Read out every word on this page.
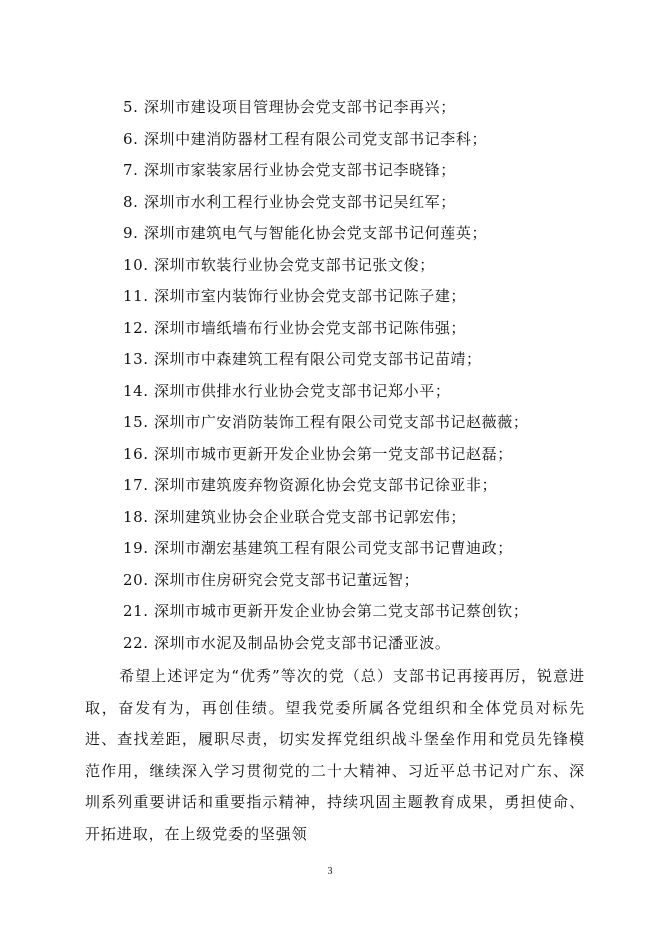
5. 深圳市建设项目管理协会党支部书记李再兴；
6. 深圳中建消防器材工程有限公司党支部书记李科；
7. 深圳市家装家居行业协会党支部书记李晓锋；
8. 深圳市水利工程行业协会党支部书记吴红军；
9. 深圳市建筑电气与智能化协会党支部书记何莲英；
10. 深圳市软装行业协会党支部书记张文俊；
11. 深圳市室内装饰行业协会党支部书记陈子建；
12. 深圳市墙纸墙布行业协会党支部书记陈伟强；
13. 深圳市中森建筑工程有限公司党支部书记苗靖；
14. 深圳市供排水行业协会党支部书记郑小平；
15. 深圳市广安消防装饰工程有限公司党支部书记赵薇薇；
16. 深圳市城市更新开发企业协会第一党支部书记赵磊；
17. 深圳市建筑废弃物资源化协会党支部书记徐亚非；
18. 深圳建筑业协会企业联合党支部书记郭宏伟；
19. 深圳市潮宏基建筑工程有限公司党支部书记曹迪政；
20. 深圳市住房研究会党支部书记董远智；
21. 深圳市城市更新开发企业协会第二党支部书记蔡创钦；
22. 深圳市水泥及制品协会党支部书记潘亚波。
希望上述评定为“优秀”等次的党（总）支部书记再接再厉，锐意进取，奋发有为，再创佳绩。望我党委所属各党组织和全体党员对标先进、查找差距，履职尽责，切实发挥党组织战斗堡垒作用和党员先锋模范作用，继续深入学习贯彻党的二十大精神、习近平总书记对广东、深圳系列重要讲话和重要指示精神，持续巩固主题教育成果，勇担使命、开拓进取，在上级党委的坚强领
3
